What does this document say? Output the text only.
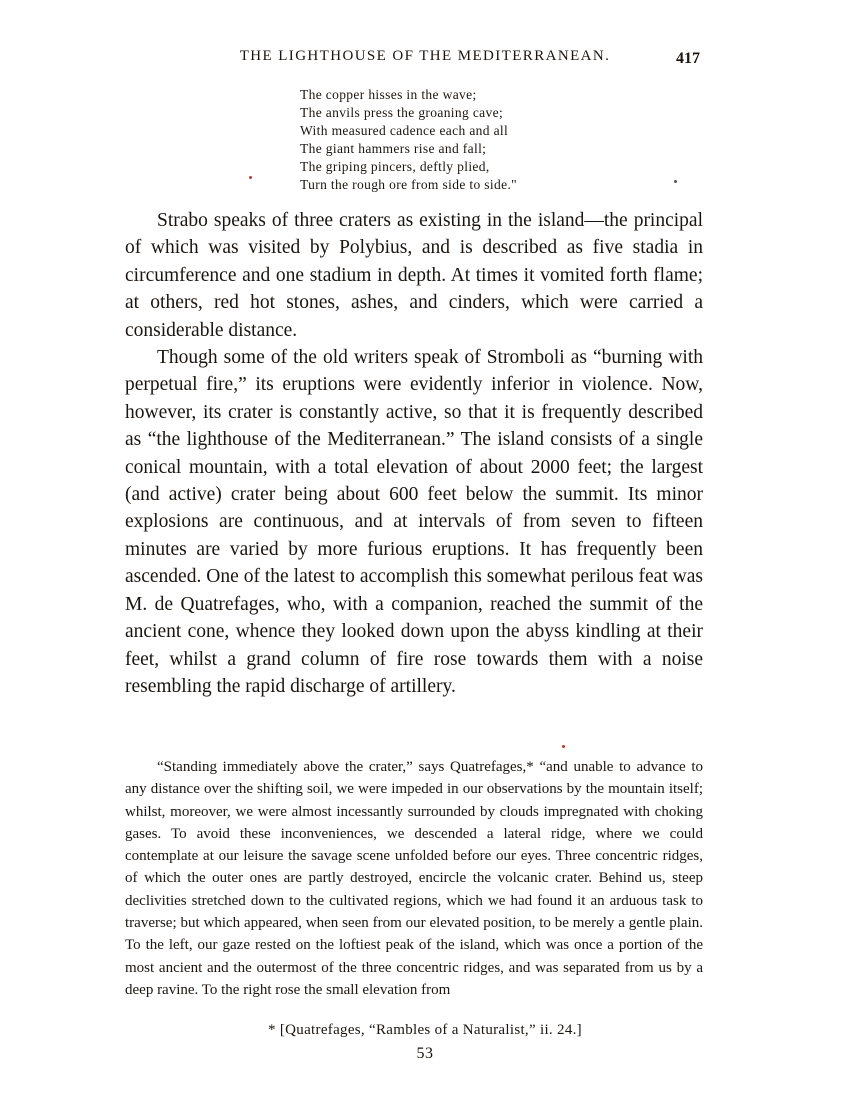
THE LIGHTHOUSE OF THE MEDITERRANEAN.	417
The copper hisses in the wave;
The anvils press the groaning cave;
With measured cadence each and all
The giant hammers rise and fall;
The griping pincers, deftly plied,
Turn the rough ore from side to side."

Strabo speaks of three craters as existing in the island—the principal of which was visited by Polybius, and is described as five stadia in circumference and one stadium in depth. At times it vomited forth flame; at others, red hot stones, ashes, and cinders, which were carried a considerable distance.

Though some of the old writers speak of Stromboli as “burning with perpetual fire,” its eruptions were evidently inferior in violence. Now, however, its crater is constantly active, so that it is frequently described as “the lighthouse of the Mediterranean.” The island consists of a single conical mountain, with a total elevation of about 2000 feet; the largest (and active) crater being about 600 feet below the summit. Its minor explosions are continuous, and at intervals of from seven to fifteen minutes are varied by more furious eruptions. It has frequently been ascended. One of the latest to accomplish this somewhat perilous feat was M. de Quatrefages, who, with a companion, reached the summit of the ancient cone, whence they looked down upon the abyss kindling at their feet, whilst a grand column of fire rose towards them with a noise resembling the rapid discharge of artillery.

“Standing immediately above the crater,” says Quatrefages,* “and unable to advance to any distance over the shifting soil, we were impeded in our observations by the mountain itself; whilst, moreover, we were almost incessantly surrounded by clouds impregnated with choking gases. To avoid these inconveniences, we descended a lateral ridge, where we could contemplate at our leisure the savage scene unfolded before our eyes. Three concentric ridges, of which the outer ones are partly destroyed, encircle the volcanic crater. Behind us, steep declivities stretched down to the cultivated regions, which we had found it an arduous task to traverse; but which appeared, when seen from our elevated position, to be merely a gentle plain. To the left, our gaze rested on the loftiest peak of the island, which was once a portion of the most ancient and the outermost of the three concentric ridges, and was separated from us by a deep ravine. To the right rose the small elevation from

* [Quatrefages, “Rambles of a Naturalist,” ii. 24.]
53
